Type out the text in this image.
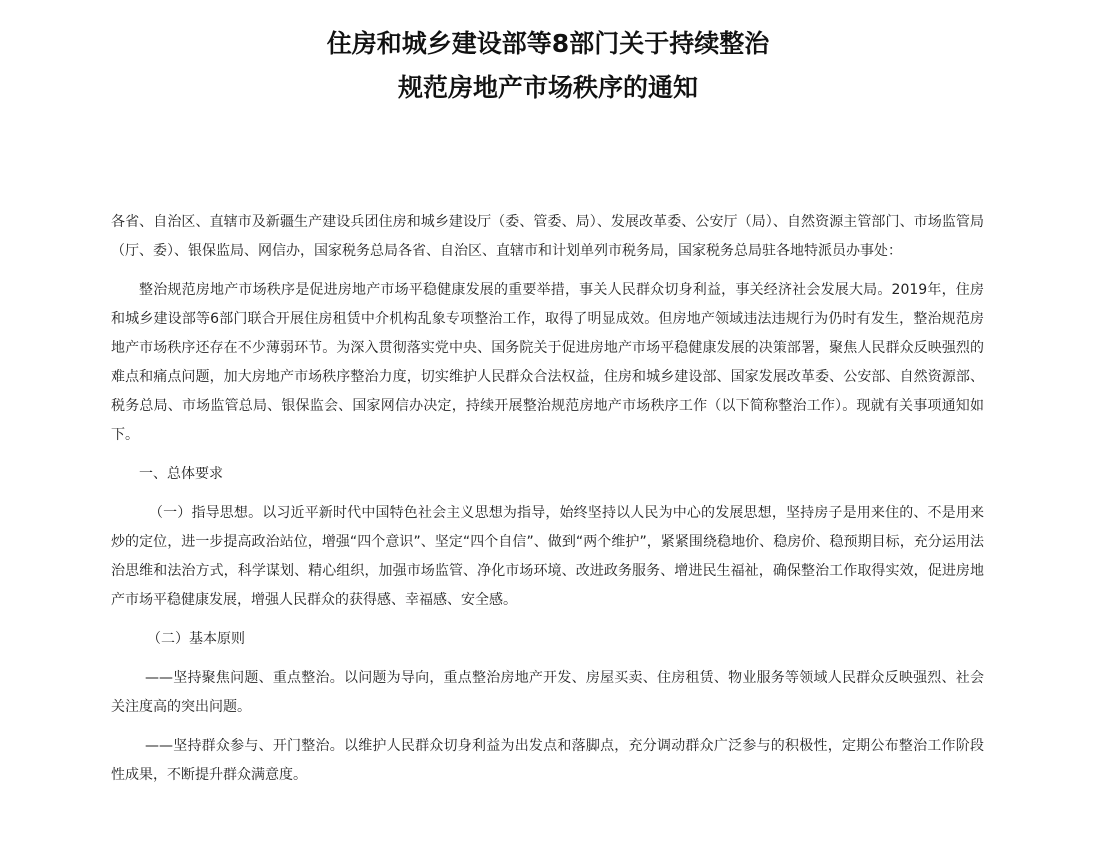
住房和城乡建设部等8部门关于持续整治
规范房地产市场秩序的通知

各省、自治区、直辖市及新疆生产建设兵团住房和城乡建设厅（委、管委、局）、发展改革委、公安厅（局）、自然资源主管部门、市场监管局（厅、委）、银保监局、网信办，国家税务总局各省、自治区、直辖市和计划单列市税务局，国家税务总局驻各地特派员办事处：

整治规范房地产市场秩序是促进房地产市场平稳健康发展的重要举措，事关人民群众切身利益，事关经济社会发展大局。2019年，住房和城乡建设部等6部门联合开展住房租赁中介机构乱象专项整治工作，取得了明显成效。但房地产领域违法违规行为仍时有发生，整治规范房地产市场秩序还存在不少薄弱环节。为深入贯彻落实党中央、国务院关于促进房地产市场平稳健康发展的决策部署，聚焦人民群众反映强烈的难点和痛点问题，加大房地产市场秩序整治力度，切实维护人民群众合法权益，住房和城乡建设部、国家发展改革委、公安部、自然资源部、税务总局、市场监管总局、银保监会、国家网信办决定，持续开展整治规范房地产市场秩序工作（以下简称整治工作）。现就有关事项通知如下。

一、总体要求

（一）指导思想。以习近平新时代中国特色社会主义思想为指导，始终坚持以人民为中心的发展思想，坚持房子是用来住的、不是用来炒的定位，进一步提高政治站位，增强“四个意识”、坚定“四个自信”、做到“两个维护”，紧紧围绕稳地价、稳房价、稳预期目标，充分运用法治思维和法治方式，科学谋划、精心组织，加强市场监管、净化市场环境、改进政务服务、增进民生福祉，确保整治工作取得实效，促进房地产市场平稳健康发展，增强人民群众的获得感、幸福感、安全感。

（二）基本原则

——坚持聚焦问题、重点整治。以问题为导向，重点整治房地产开发、房屋买卖、住房租赁、物业服务等领域人民群众反映强烈、社会关注度高的突出问题。

——坚持群众参与、开门整治。以维护人民群众切身利益为出发点和落脚点，充分调动群众广泛参与的积极性，定期公布整治工作阶段性成果，不断提升群众满意度。
